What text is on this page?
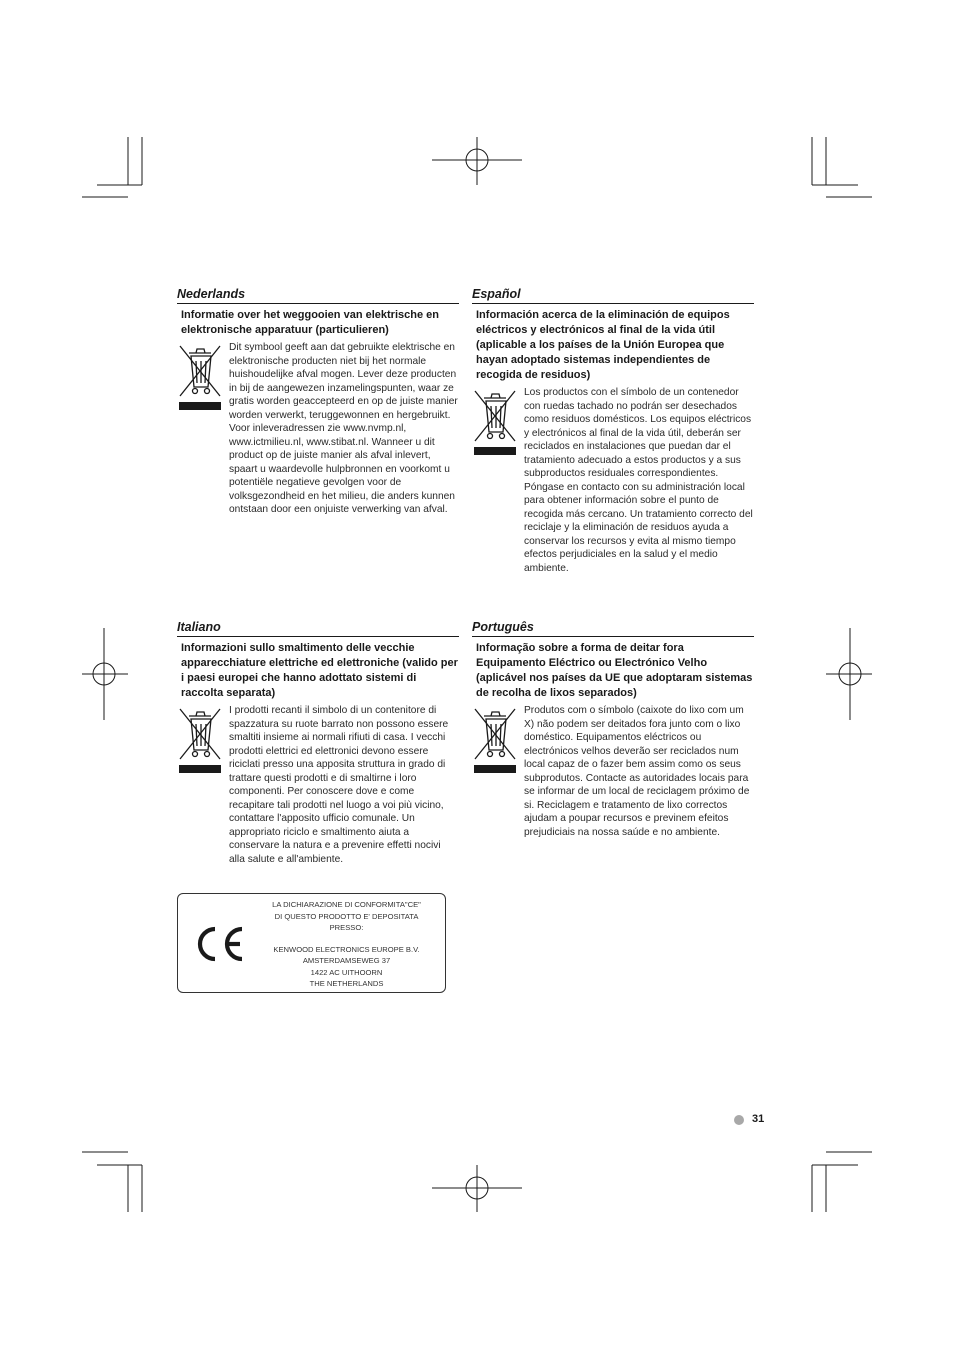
Nederlands
Informatie over het weggooien van elektrische en elektronische apparatuur (particulieren)

Dit symbool geeft aan dat gebruikte elektrische en elektronische producten niet bij het normale huishoudelijke afval mogen. Lever deze producten in bij de aangewezen inzamelingspunten, waar ze gratis worden geaccepteerd en op de juiste manier worden verwerkt, teruggewonnen en hergebruikt. Voor inleveradressen zie www.nvmp.nl, www.ictmilieu.nl, www.stibat.nl. Wanneer u dit product op de juiste manier als afval inlevert, spaart u waardevolle hulpbronnen en voorkomt u potentiële negatieve gevolgen voor de volksgezondheid en het milieu, die anders kunnen ontstaan door een onjuiste verwerking van afval.

Español
Información acerca de la eliminación de equipos eléctricos y electrónicos al final de la vida útil (aplicable a los países de la Unión Europea que hayan adoptado sistemas independientes de recogida de residuos)

Los productos con el símbolo de un contenedor con ruedas tachado no podrán ser desechados como residuos domésticos. Los equipos eléctricos y electrónicos al final de la vida útil, deberán ser reciclados en instalaciones que puedan dar el tratamiento adecuado a estos productos y a sus subproductos residuales correspondientes. Póngase en contacto con su administración local para obtener información sobre el punto de recogida más cercano. Un tratamiento correcto del reciclaje y la eliminación de residuos ayuda a conservar los recursos y evita al mismo tiempo efectos perjudiciales en la salud y el medio ambiente.

Italiano
Informazioni sullo smaltimento delle vecchie apparecchiature elettriche ed elettroniche (valido per i paesi europei che hanno adottato sistemi di raccolta separata)

I prodotti recanti il simbolo di un contenitore di spazzatura su ruote barrato non possono essere smaltiti insieme ai normali rifiuti di casa. I vecchi prodotti elettrici ed elettronici devono essere riciclati presso una apposita struttura in grado di trattare questi prodotti e di smaltirne i loro componenti. Per conoscere dove e come recapitare tali prodotti nel luogo a voi più vicino, contattare l'apposito ufficio comunale. Un appropriato riciclo e smaltimento aiuta a conservare la natura e a prevenire effetti nocivi alla salute e all'ambiente.

Português
Informação sobre a forma de deitar fora Equipamento Eléctrico ou Electrónico Velho (aplicável nos países da UE que adoptaram sistemas de recolha de lixos separados)

Produtos com o símbolo (caixote do lixo com um X) não podem ser deitados fora junto com o lixo doméstico. Equipamentos eléctricos ou electrónicos velhos deverão ser reciclados num local capaz de o fazer bem assim como os seus subprodutos. Contacte as autoridades locais para se informar de um local de reciclagem próximo de si. Reciclagem e tratamento de lixo correctos ajudam a poupar recursos e previnem efeitos prejudiciais na nossa saúde e no ambiente.

LA DICHIARAZIONE DI CONFORMITA"CE"
DI QUESTO PRODOTTO E' DEPOSITATA
PRESSO:
KENWOOD ELECTRONICS EUROPE B.V.
AMSTERDAMSEWEG 37
1422 AC UITHOORN
THE NETHERLANDS
31
